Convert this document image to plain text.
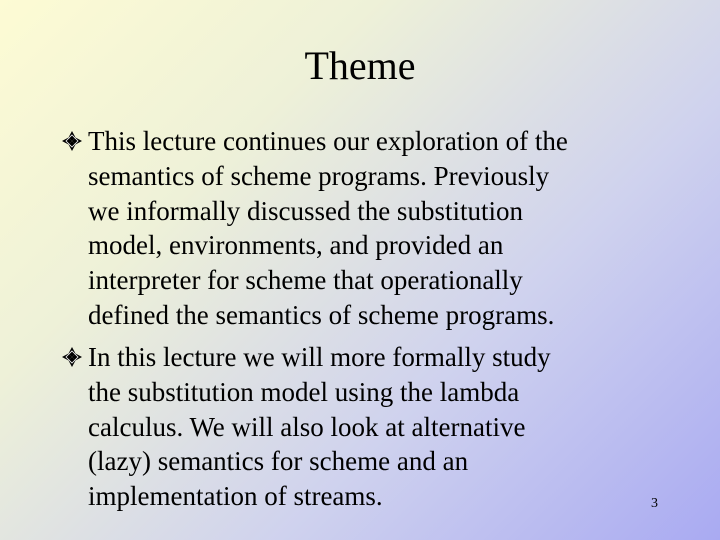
Theme
This lecture continues our exploration of the
semantics of scheme programs. Previously
we informally discussed the substitution
model, environments, and provided an
interpreter for scheme that operationally
defined the semantics of scheme programs.
In this lecture we will more formally study
the substitution model using the lambda
calculus. We will also look at alternative
(lazy) semantics for scheme and an
implementation of streams.	3
